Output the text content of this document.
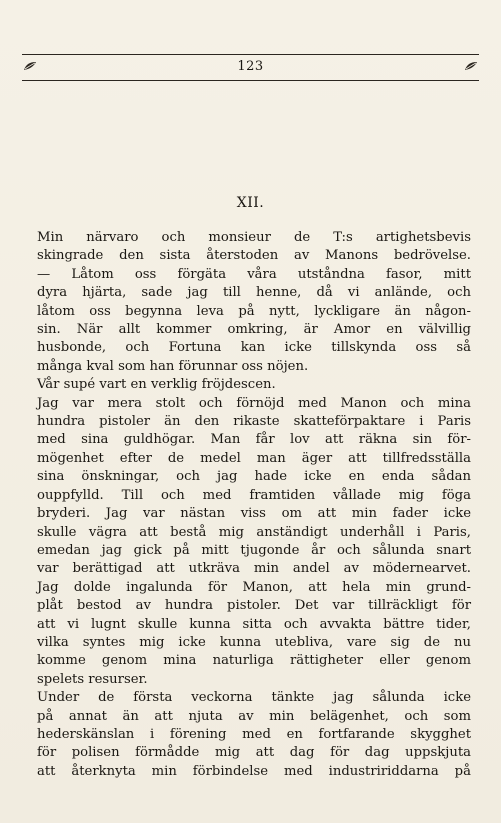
123
XII.
Min närvaro och monsieur de T:s artighetsbevis
skingrade den sista återstoden av Manons bedrövelse.
— Låtom oss förgäta våra utståndna fasor, mitt
dyra hjärta, sade jag till henne, då vi anlände, och
låtom oss begynna leva på nytt, lyckligare än någon-
sin. När allt kommer omkring, är Amor en välvillig
husbonde, och Fortuna kan icke tillskynda oss så
många kval som han förunnar oss nöjen.
Vår supé vart en verklig fröjdescen.
Jag var mera stolt och förnöjd med Manon och mina
hundra pistoler än den rikaste skatteförpaktare i Paris
med sina guldhögar. Man får lov att räkna sin för-
mögenhet efter de medel man äger att tillfredsställa
sina önskningar, och jag hade icke en enda sådan
ouppfylld. Till och med framtiden vållade mig föga
bryderi. Jag var nästan viss om att min fader icke
skulle vägra att bestå mig anständigt underhåll i Paris,
emedan jag gick på mitt tjugonde år och sålunda snart
var berättigad att utkräva min andel av mödernearvet.
Jag dolde ingalunda för Manon, att hela min grund-
plåt bestod av hundra pistoler. Det var tillräckligt för
att vi lugnt skulle kunna sitta och avvakta bättre tider,
vilka syntes mig icke kunna utebliva, vare sig de nu
komme genom mina naturliga rättigheter eller genom
spelets resurser.
Under de första veckorna tänkte jag sålunda icke
på annat än att njuta av min belägenhet, och som
hederskänslan i förening med en fortfarande skygghet
för polisen förmådde mig att dag för dag uppskjuta
att återknyta min förbindelse med industririddarna på
